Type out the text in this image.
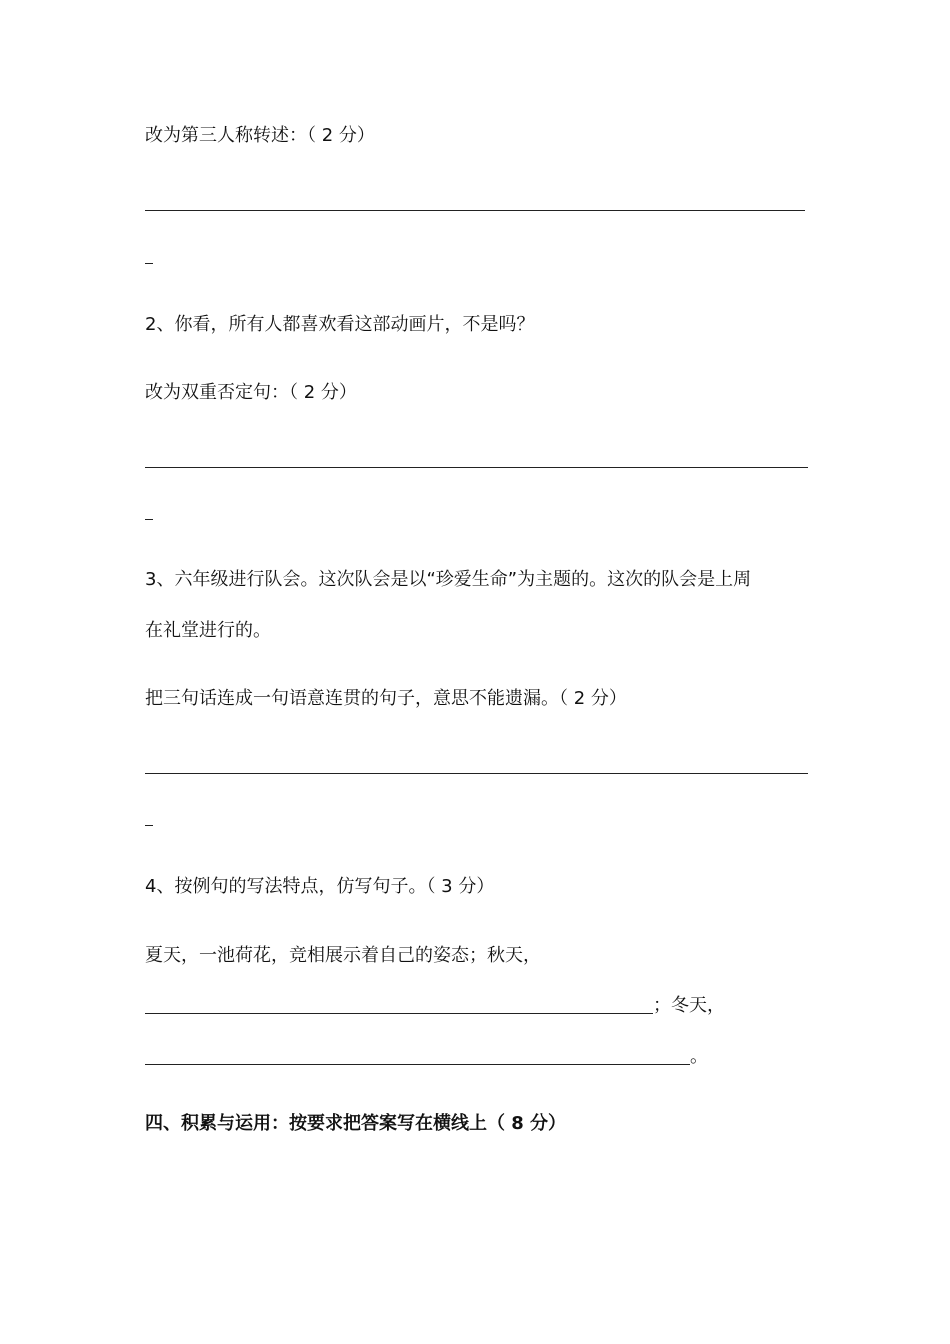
改为第三人称转述：（ 2 分）
2、你看，所有人都喜欢看这部动画片，不是吗？
改为双重否定句：（ 2 分）
3、六年级进行队会。这次队会是以“珍爱生命”为主题的。这次的队会是上周
在礼堂进行的。
把三句话连成一句语意连贯的句子，意思不能遗漏。（ 2 分）
4、按例句的写法特点，仿写句子。（ 3 分）
夏天，一池荷花，竞相展示着自己的姿态；秋天，
；冬天，
。
四、积累与运用：按要求把答案写在横线上（ 8 分）
